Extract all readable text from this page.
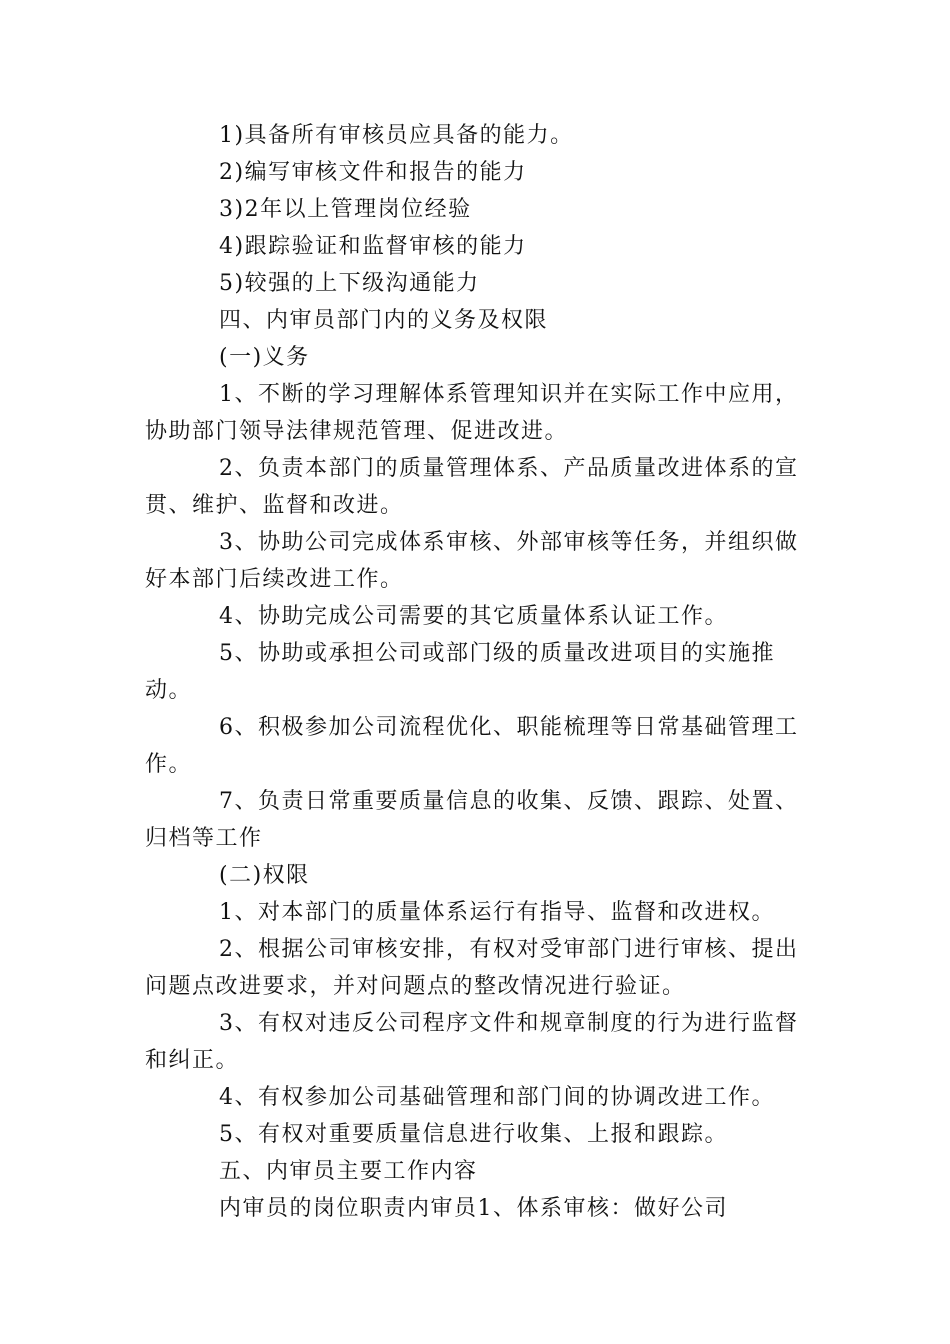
1)具备所有审核员应具备的能力。

2)编写审核文件和报告的能力

3)2年以上管理岗位经验

4)跟踪验证和监督审核的能力

5)较强的上下级沟通能力

四、内审员部门内的义务及权限

(一)义务

1、不断的学习理解体系管理知识并在实际工作中应用，协助部门领导法律规范管理、促进改进。

2、负责本部门的质量管理体系、产品质量改进体系的宣贯、维护、监督和改进。

3、协助公司完成体系审核、外部审核等任务，并组织做好本部门后续改进工作。

4、协助完成公司需要的其它质量体系认证工作。

5、协助或承担公司或部门级的质量改进项目的实施推动。

6、积极参加公司流程优化、职能梳理等日常基础管理工作。

7、负责日常重要质量信息的收集、反馈、跟踪、处置、归档等工作

(二)权限

1、对本部门的质量体系运行有指导、监督和改进权。

2、根据公司审核安排，有权对受审部门进行审核、提出问题点改进要求，并对问题点的整改情况进行验证。

3、有权对违反公司程序文件和规章制度的行为进行监督和纠正。

4、有权参加公司基础管理和部门间的协调改进工作。

5、有权对重要质量信息进行收集、上报和跟踪。

五、内审员主要工作内容

内审员的岗位职责内审员1、体系审核：做好公司
